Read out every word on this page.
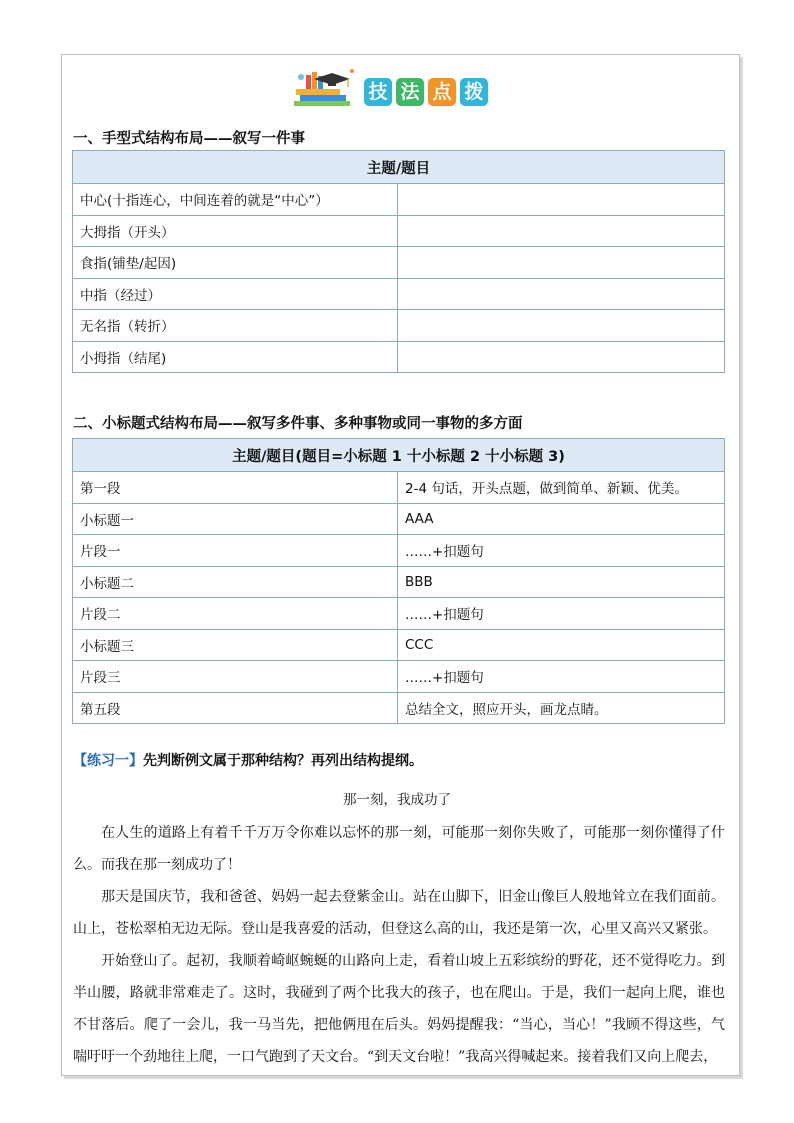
技 法 点 拨
一、手型式结构布局——叙写一件事
主题/题目	
中心(十指连心，中间连着的就是“中心”）	
大拇指（开头）	
食指(铺垫/起因)	
中指（经过）	
无名指（转折）	
小拇指（结尾)	
二、小标题式结构布局——叙写多件事、多种事物或同一事物的多方面
主题/题目(题目=小标题 1 十小标题 2 十小标题 3)	
第一段	2-4 句话，开头点题，做到简单、新颖、优美。
小标题一	AAA
片段一	……+扣题句
小标题二	BBB
片段二	……+扣题句
小标题三	CCC
片段三	……+扣题句
第五段	总结全文，照应开头，画龙点睛。
【练习一】先判断例文属于那种结构？再列出结构提纲。
那一刻，我成功了

在人生的道路上有着千千万万令你难以忘怀的那一刻，可能那一刻你失败了，可能那一刻你懂得了什么。而我在那一刻成功了！

那天是国庆节，我和爸爸、妈妈一起去登紫金山。站在山脚下，旧金山像巨人般地耸立在我们面前。山上，苍松翠柏无边无际。登山是我喜爱的活动，但登这么高的山，我还是第一次，心里又高兴又紧张。

开始登山了。起初，我顺着崎岖蜿蜒的山路向上走，看着山坡上五彩缤纷的野花，还不觉得吃力。到半山腰，路就非常难走了。这时，我碰到了两个比我大的孩子，也在爬山。于是，我们一起向上爬，谁也不甘落后。爬了一会儿，我一马当先，把他俩甩在后头。妈妈提醒我：“当心，当心！”我顾不得这些，气喘吁吁一个劲地往上爬，一口气跑到了天文台。“到天文台啦！”我高兴得喊起来。接着我们又向上爬去，
